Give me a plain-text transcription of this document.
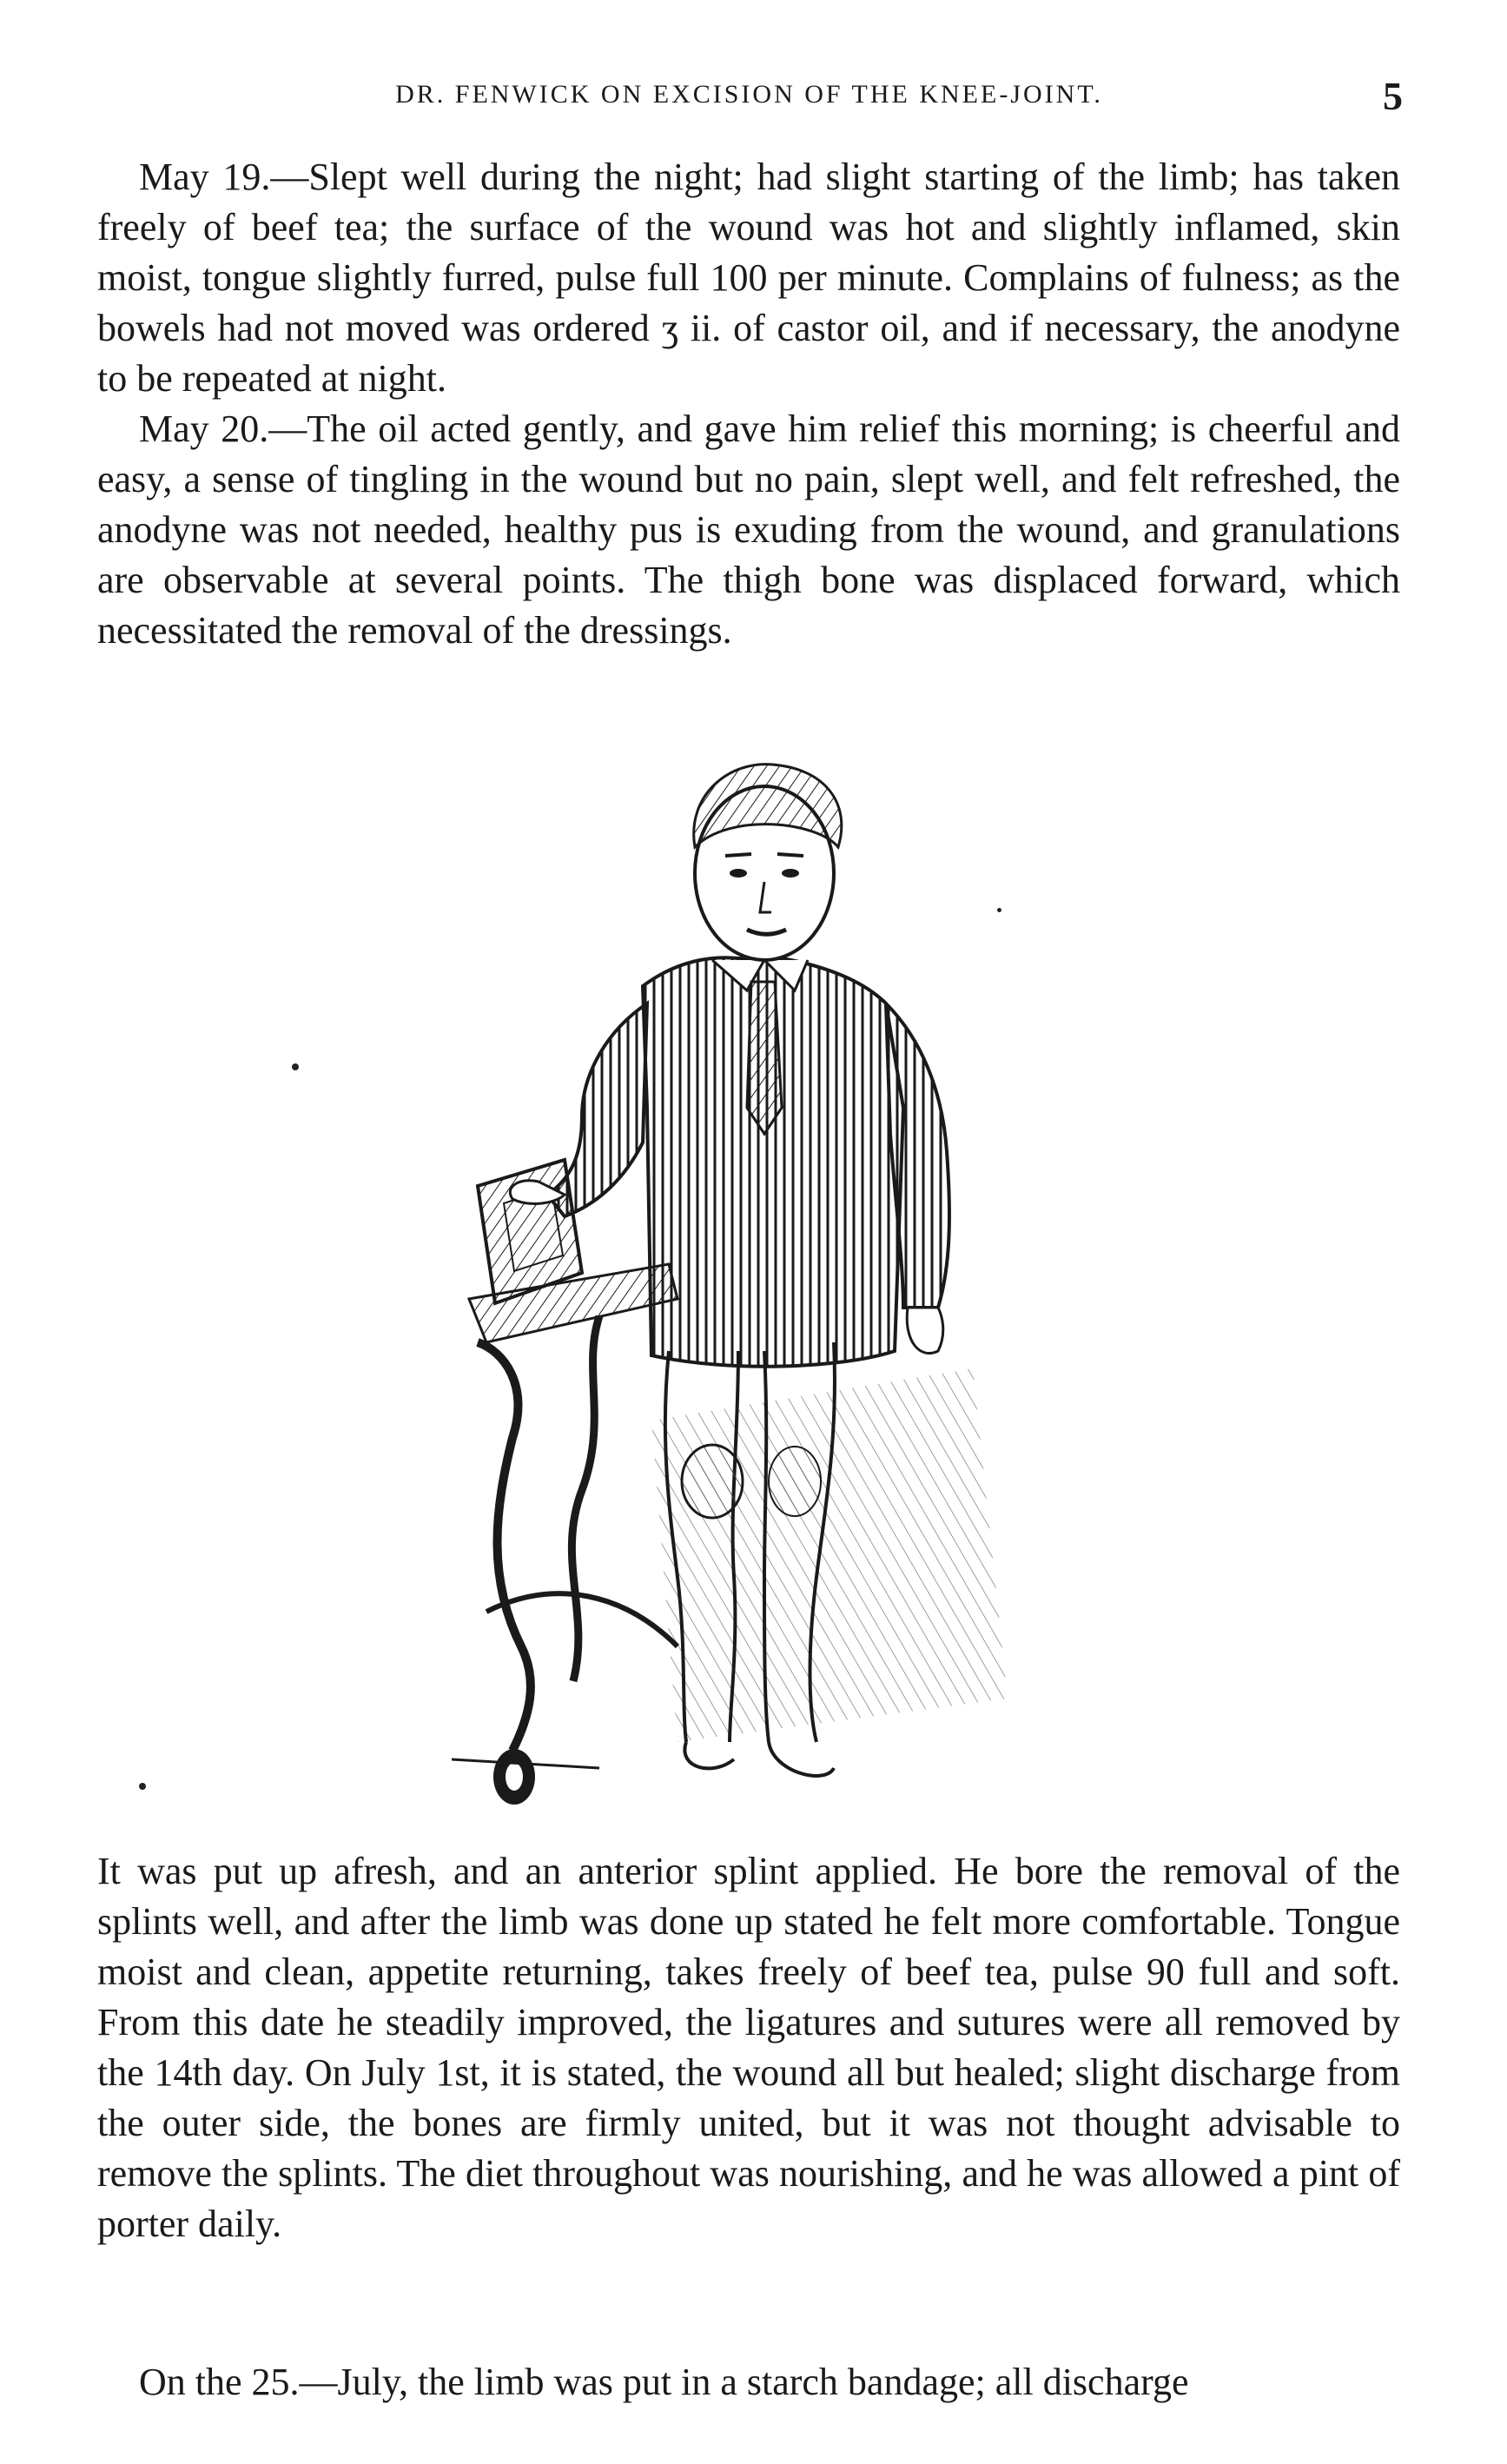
DR. FENWICK ON EXCISION OF THE KNEE-JOINT.	5

May 19.—Slept well during the night; had slight starting of the limb; has taken freely of beef tea; the surface of the wound was hot and slightly inflamed, skin moist, tongue slightly furred, pulse full 100 per minute. Complains of fulness; as the bowels had not moved was ordered ʒ ii. of castor oil, and if necessary, the anodyne to be repeated at night.

May 20.—The oil acted gently, and gave him relief this morning; is cheerful and easy, a sense of tingling in the wound but no pain, slept well, and felt refreshed, the anodyne was not needed, healthy pus is exuding from the wound, and granulations are observable at several points. The thigh bone was displaced forward, which necessitated the removal of the dressings.

It was put up afresh, and an anterior splint applied. He bore the removal of the splints well, and after the limb was done up stated he felt more comfortable. Tongue moist and clean, appetite returning, takes freely of beef tea, pulse 90 full and soft. From this date he steadily improved, the ligatures and sutures were all removed by the 14th day. On July 1st, it is stated, the wound all but healed; slight discharge from the outer side, the bones are firmly united, but it was not thought advisable to remove the splints. The diet throughout was nourishing, and he was allowed a pint of porter daily.

On the 25.—July, the limb was put in a starch bandage; all discharge
